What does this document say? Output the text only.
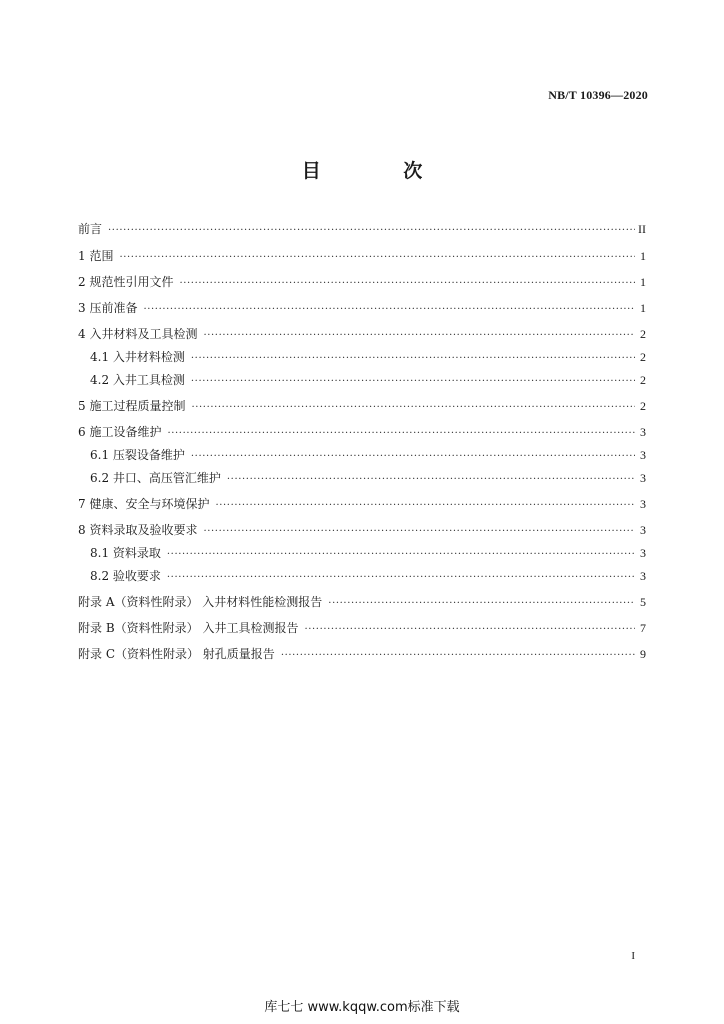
NB/T 10396—2020
目 次
前言 ·····	II
1 范围 ·····	1
2 规范性引用文件 ·····	1
3 压前准备 ·····	1
4 入井材料及工具检测 ·····	2
4.1 入井材料检测 ·····	2
4.2 入井工具检测 ·····	2
5 施工过程质量控制 ·····	2
6 施工设备维护 ·····	3
6.1 压裂设备维护 ·····	3
6.2 井口、高压管汇维护 ·····	3
7 健康、安全与环境保护 ·····	3
8 资料录取及验收要求 ·····	3
8.1 资料录取 ·····	3
8.2 验收要求 ·····	3
附录 A（资料性附录） 入井材料性能检测报告 ·····	5
附录 B（资料性附录） 入井工具检测报告 ·····	7
附录 C（资料性附录） 射孔质量报告 ·····	9
I
库七七 www.kqqw.com标准下载
